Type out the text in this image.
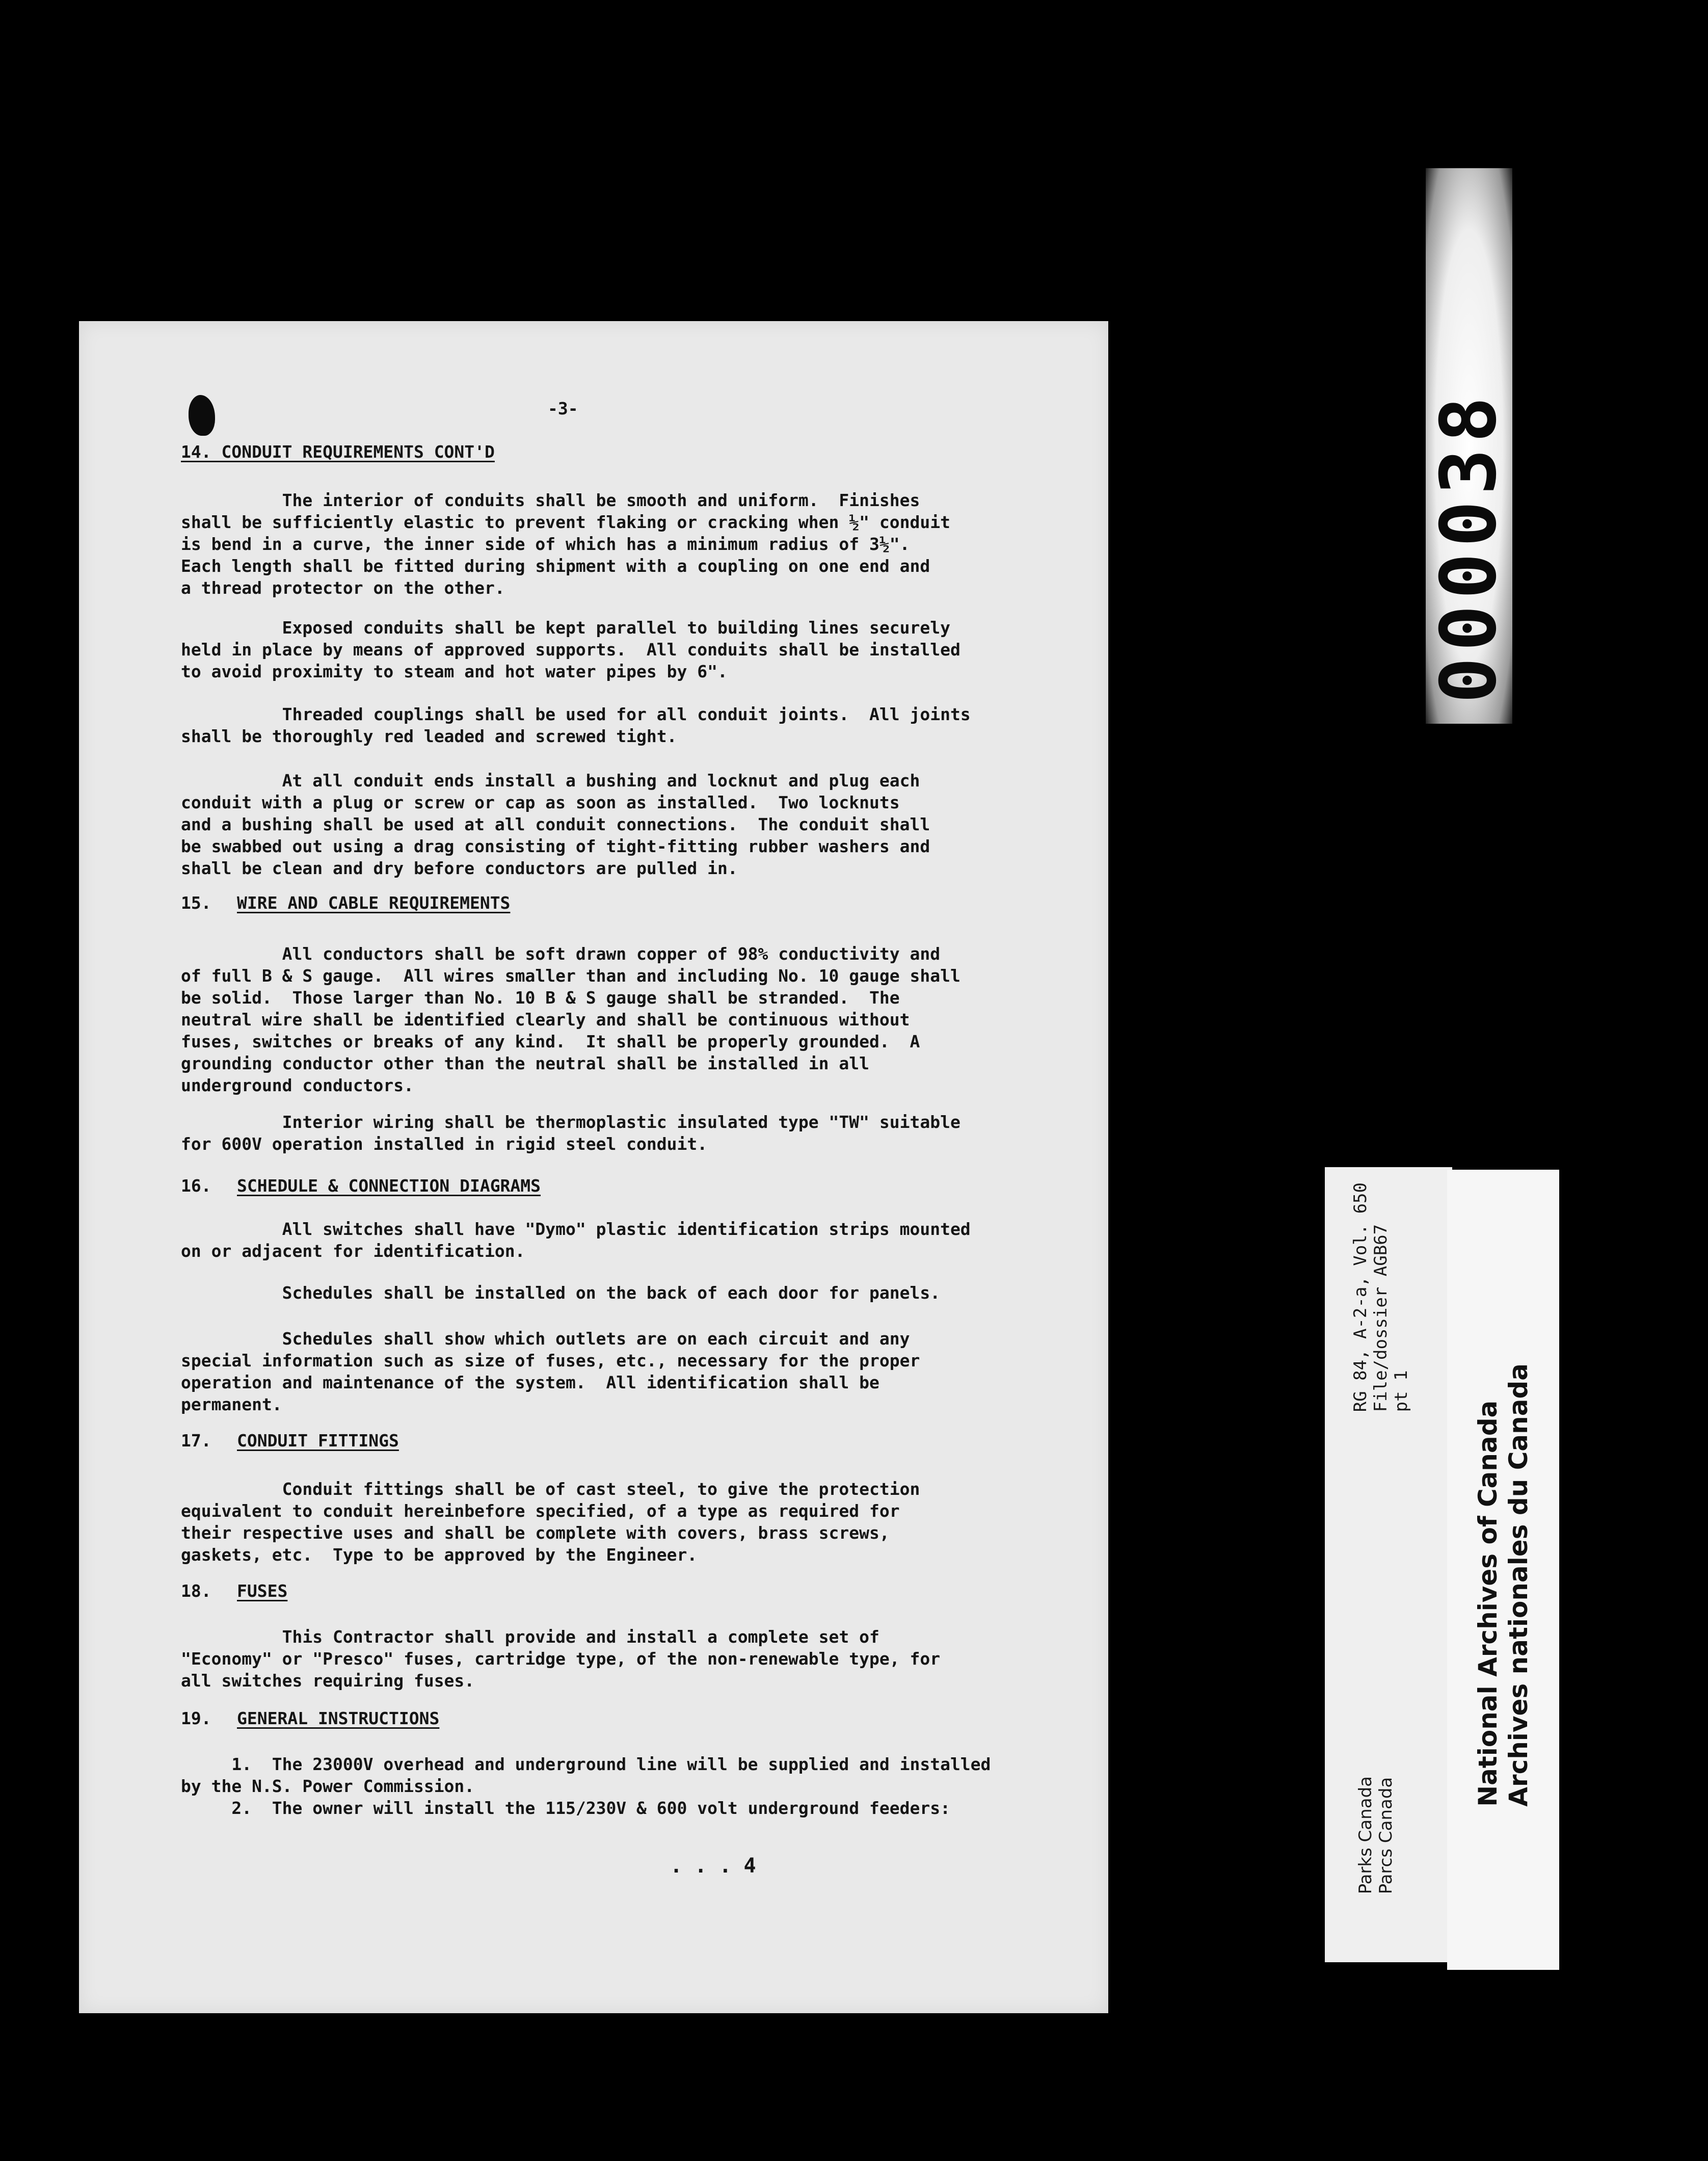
-3-
14. CONDUIT REQUIREMENTS CONT'D
The interior of conduits shall be smooth and uniform.  Finishes
shall be sufficiently elastic to prevent flaking or cracking when ½" conduit
is bend in a curve, the inner side of which has a minimum radius of 3½".
Each length shall be fitted during shipment with a coupling on one end and
a thread protector on the other.
Exposed conduits shall be kept parallel to building lines securely
held in place by means of approved supports.  All conduits shall be installed
to avoid proximity to steam and hot water pipes by 6".
Threaded couplings shall be used for all conduit joints.  All joints
shall be thoroughly red leaded and screwed tight.
At all conduit ends install a bushing and locknut and plug each
conduit with a plug or screw or cap as soon as installed.  Two locknuts
and a bushing shall be used at all conduit connections.  The conduit shall
be swabbed out using a drag consisting of tight-fitting rubber washers and
shall be clean and dry before conductors are pulled in.
15. WIRE AND CABLE REQUIREMENTS
All conductors shall be soft drawn copper of 98% conductivity and
of full B & S gauge.  All wires smaller than and including No. 10 gauge shall
be solid.  Those larger than No. 10 B & S gauge shall be stranded.  The
neutral wire shall be identified clearly and shall be continuous without
fuses, switches or breaks of any kind.  It shall be properly grounded.  A
grounding conductor other than the neutral shall be installed in all
underground conductors.
Interior wiring shall be thermoplastic insulated type "TW" suitable
for 600V operation installed in rigid steel conduit.
16. SCHEDULE & CONNECTION DIAGRAMS
All switches shall have "Dymo" plastic identification strips mounted
on or adjacent for identification.
Schedules shall be installed on the back of each door for panels.
Schedules shall show which outlets are on each circuit and any
special information such as size of fuses, etc., necessary for the proper
operation and maintenance of the system.  All identification shall be
permanent.
17. CONDUIT FITTINGS
Conduit fittings shall be of cast steel, to give the protection
equivalent to conduit hereinbefore specified, of a type as required for
their respective uses and shall be complete with covers, brass screws,
gaskets, etc.  Type to be approved by the Engineer.
18. FUSES
This Contractor shall provide and install a complete set of
"Economy" or "Presco" fuses, cartridge type, of the non-renewable type, for
all switches requiring fuses.
19. GENERAL INSTRUCTIONS
1.  The 23000V overhead and underground line will be supplied and installed
by the N.S. Power Commission.
2.  The owner will install the 115/230V & 600 volt underground feeders:
. . . 4
000038
RG 84, A-2-a, Vol. 650
File/dossier AGB67
pt 1
Parks Canada
Parcs Canada
National Archives of Canada
Archives nationales du Canada
